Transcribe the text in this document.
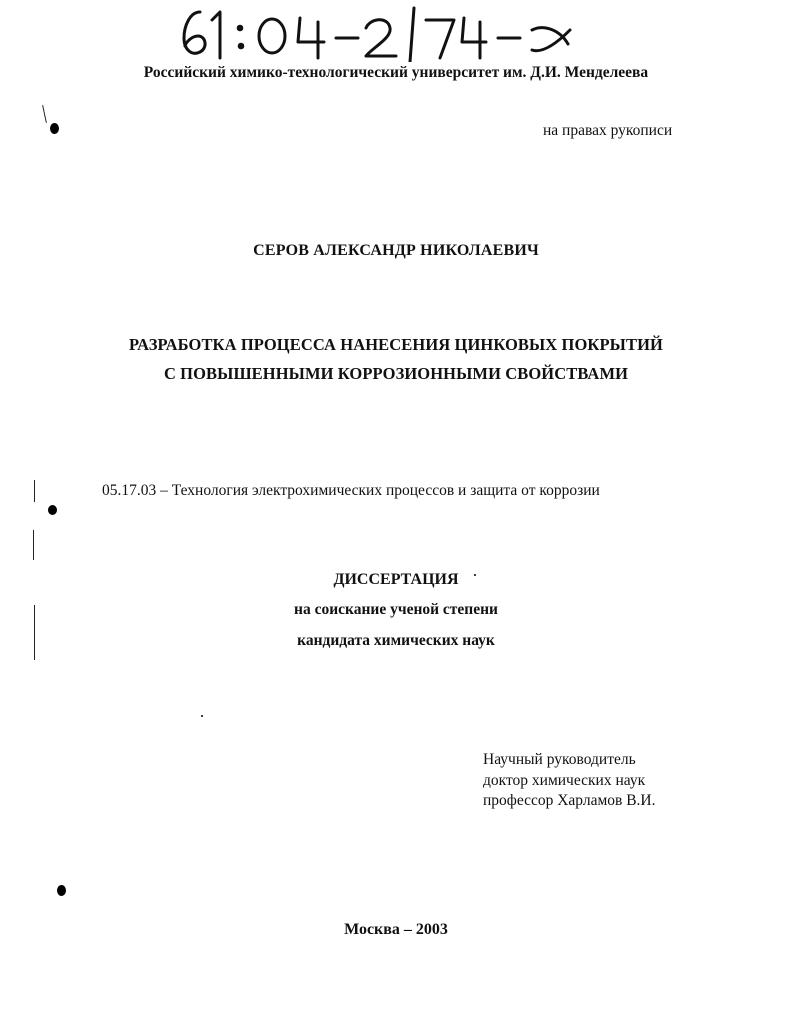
Российский химико-технологический университет им. Д.И. Менделеева
на правах рукописи
СЕРОВ АЛЕКСАНДР НИКОЛАЕВИЧ
РАЗРАБОТКА ПРОЦЕССА НАНЕСЕНИЯ ЦИНКОВЫХ ПОКРЫТИЙ
С ПОВЫШЕННЫМИ КОРРОЗИОННЫМИ СВОЙСТВАМИ
05.17.03 – Технология электрохимических процессов и защита от коррозии
ДИССЕРТАЦИЯ
на соискание ученой степени
кандидата химических наук
Научный руководитель
доктор химических наук
профессор Харламов В.И.
Москва – 2003
